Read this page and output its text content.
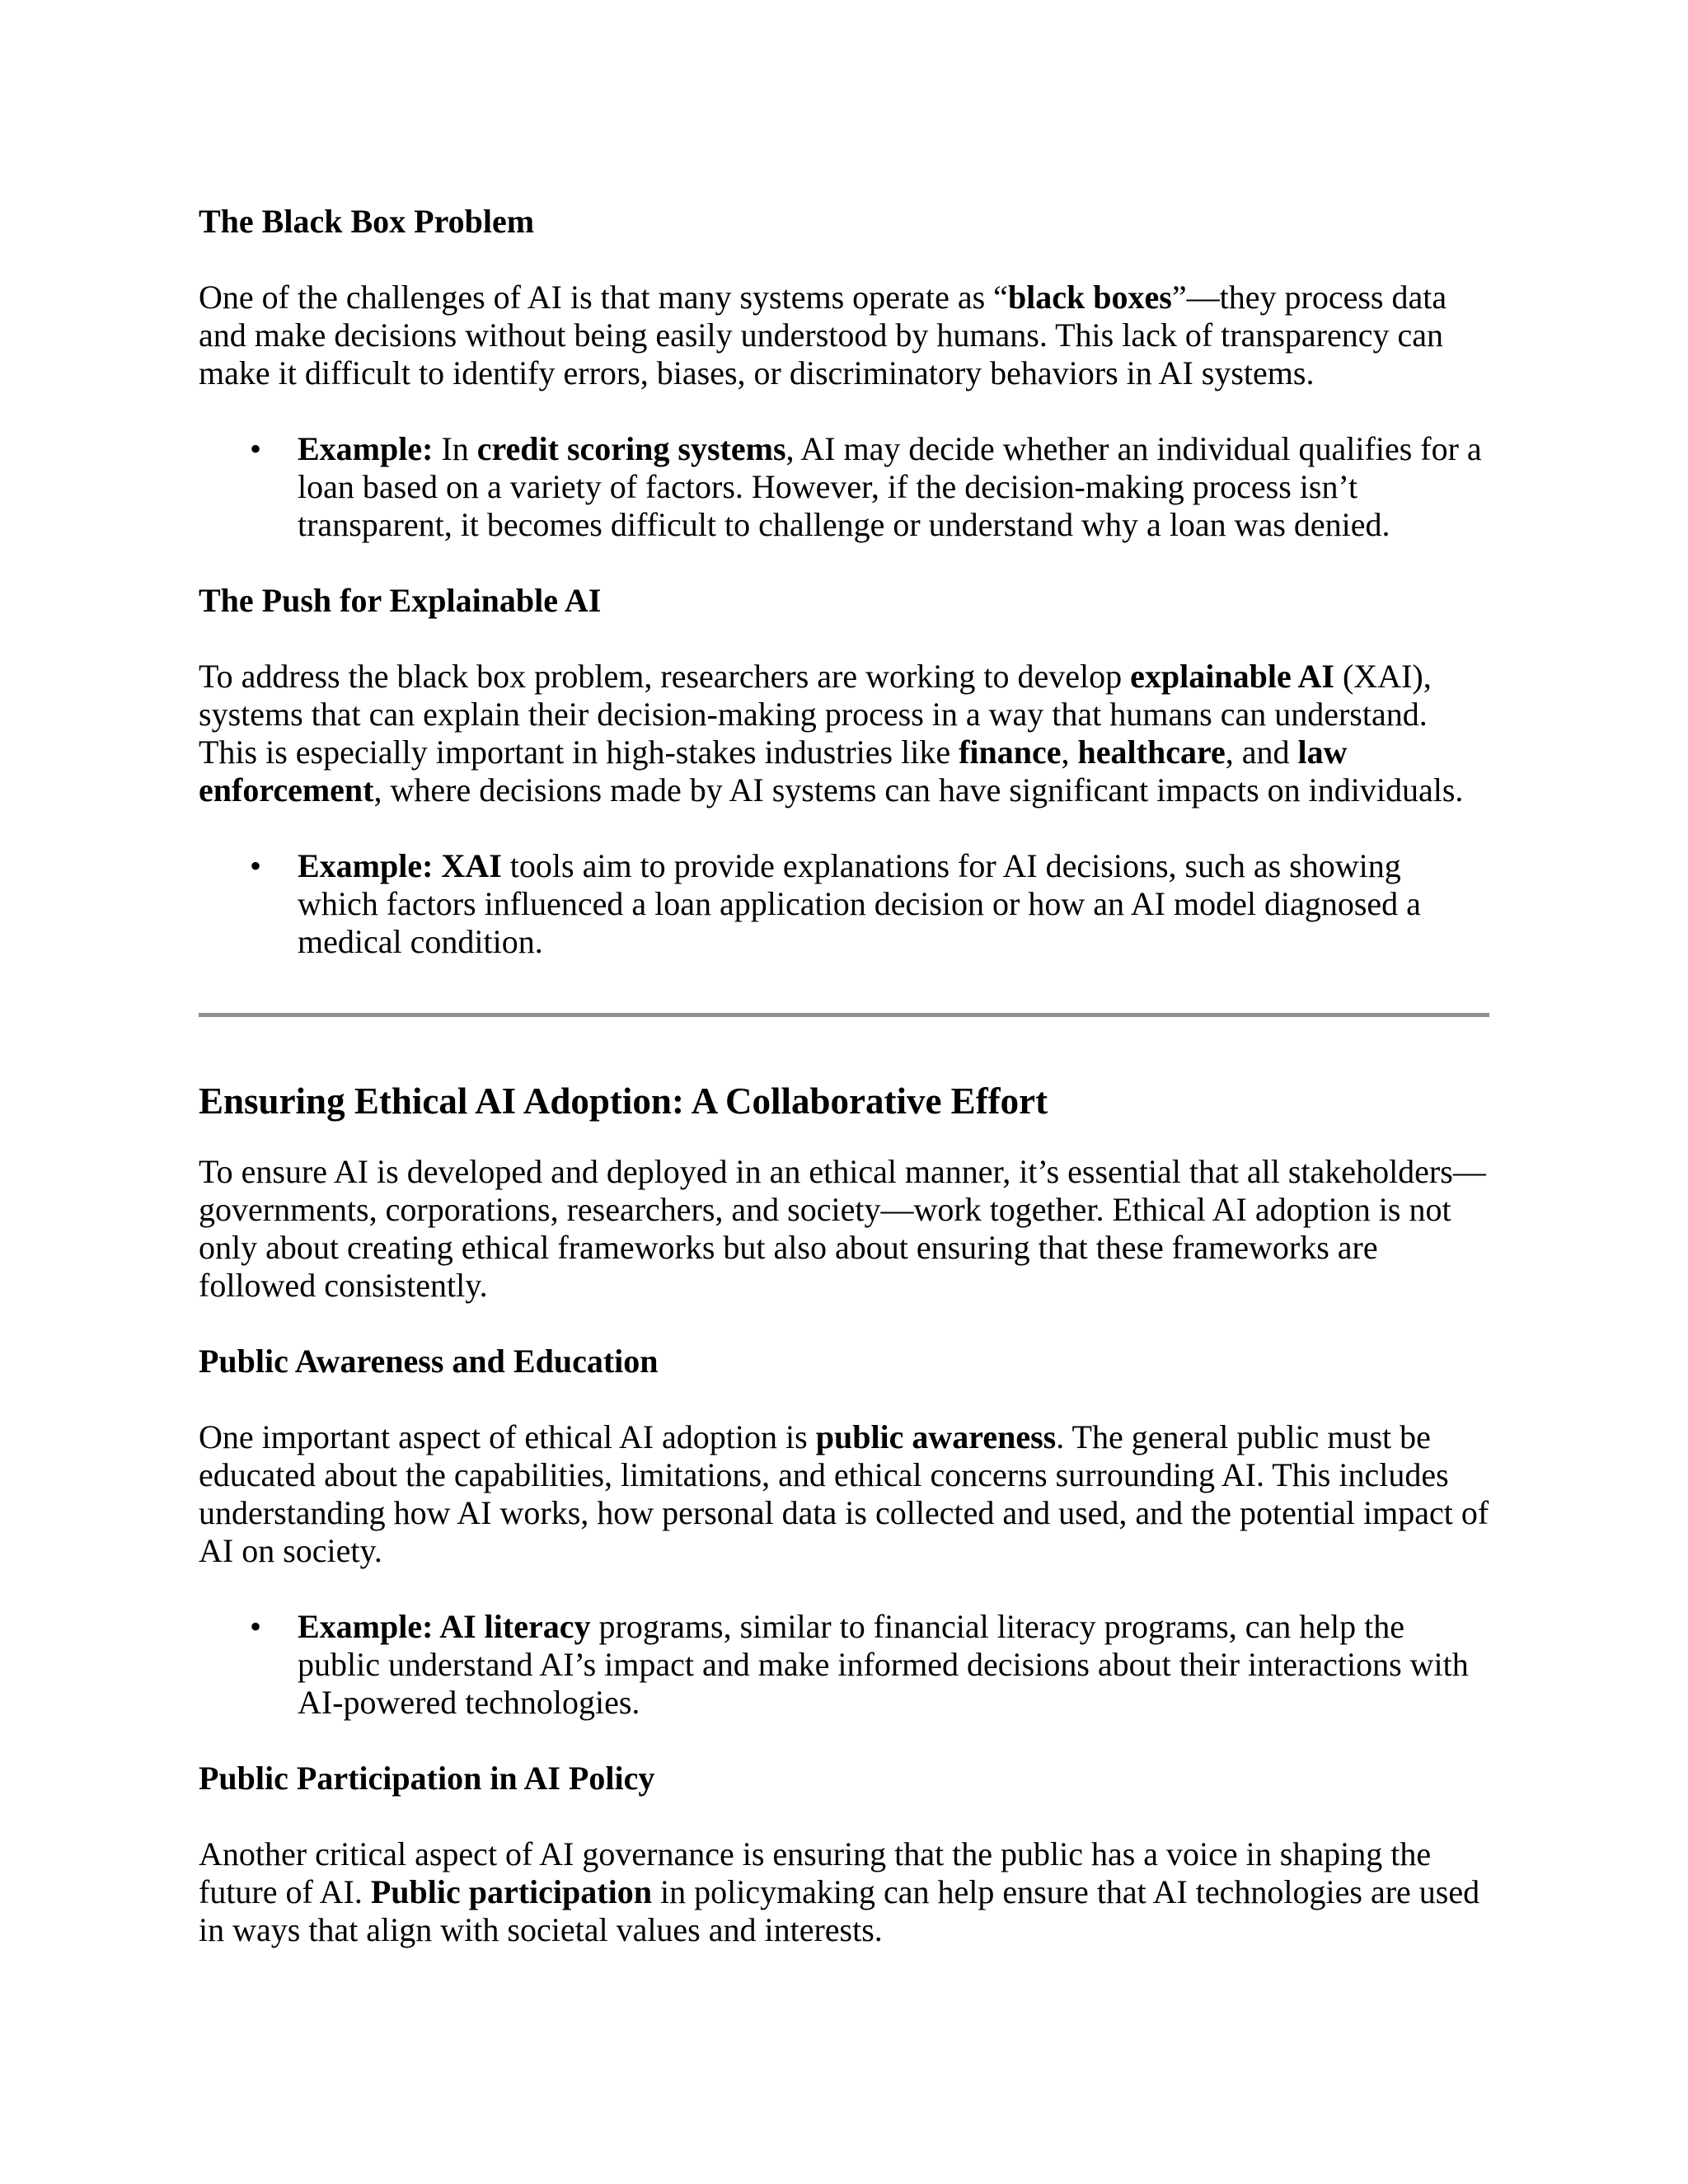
The Black Box Problem

One of the challenges of AI is that many systems operate as “black boxes”—they process data and make decisions without being easily understood by humans. This lack of transparency can make it difficult to identify errors, biases, or discriminatory behaviors in AI systems.

• Example: In credit scoring systems, AI may decide whether an individual qualifies for a loan based on a variety of factors. However, if the decision-making process isn’t transparent, it becomes difficult to challenge or understand why a loan was denied.
The Push for Explainable AI

To address the black box problem, researchers are working to develop explainable AI (XAI), systems that can explain their decision-making process in a way that humans can understand. This is especially important in high-stakes industries like finance, healthcare, and law enforcement, where decisions made by AI systems can have significant impacts on individuals.

• Example: XAI tools aim to provide explanations for AI decisions, such as showing which factors influenced a loan application decision or how an AI model diagnosed a medical condition.
Ensuring Ethical AI Adoption: A Collaborative Effort

To ensure AI is developed and deployed in an ethical manner, it’s essential that all stakeholders—governments, corporations, researchers, and society—work together. Ethical AI adoption is not only about creating ethical frameworks but also about ensuring that these frameworks are followed consistently.

Public Awareness and Education

One important aspect of ethical AI adoption is public awareness. The general public must be educated about the capabilities, limitations, and ethical concerns surrounding AI. This includes understanding how AI works, how personal data is collected and used, and the potential impact of AI on society.

• Example: AI literacy programs, similar to financial literacy programs, can help the public understand AI’s impact and make informed decisions about their interactions with AI-powered technologies.
Public Participation in AI Policy

Another critical aspect of AI governance is ensuring that the public has a voice in shaping the future of AI. Public participation in policymaking can help ensure that AI technologies are used in ways that align with societal values and interests.
